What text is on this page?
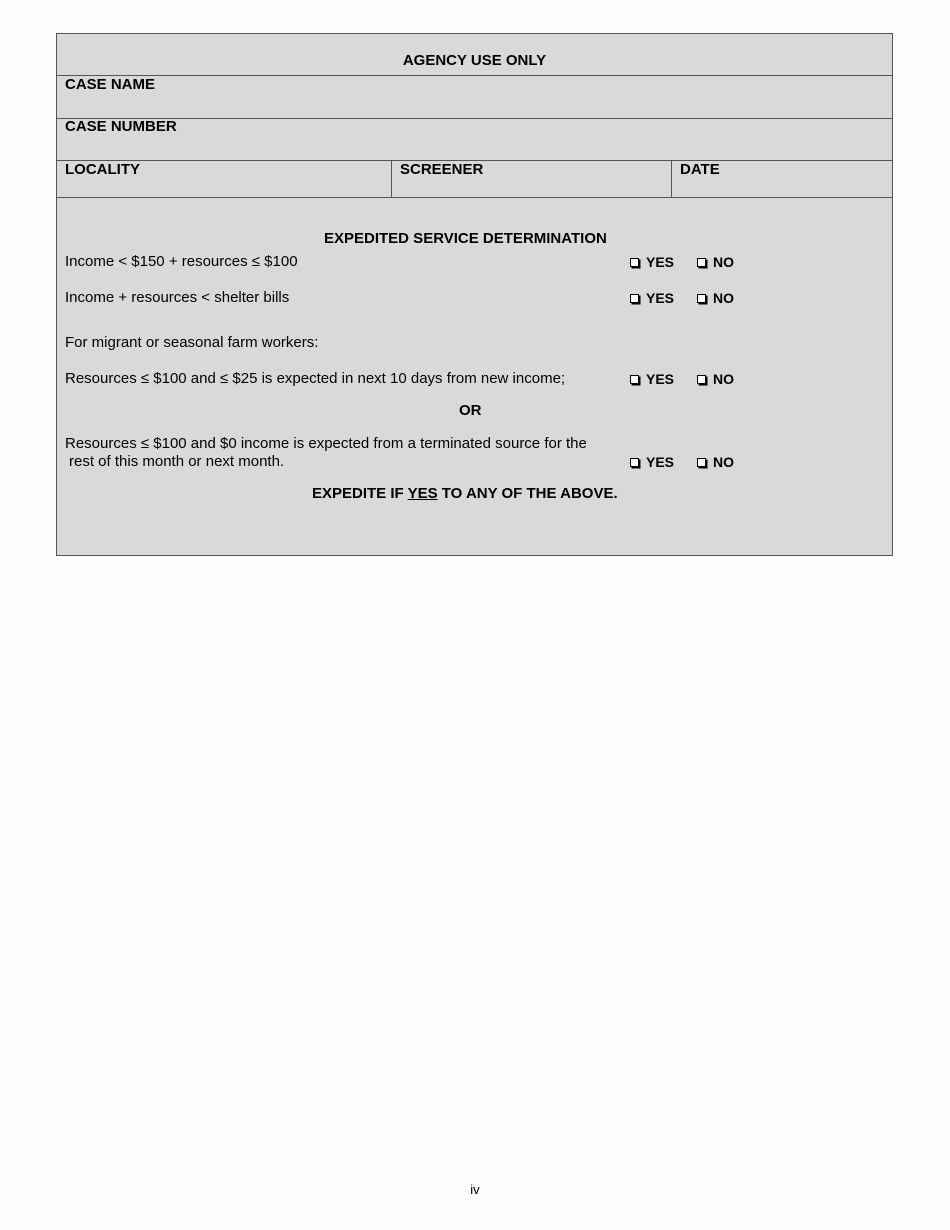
AGENCY USE ONLY
CASE NAME
CASE NUMBER
LOCALITY	SCREENER	DATE
EXPEDITED SERVICE DETERMINATION
Income < $150 + resources ≤ $100	YES	NO
Income + resources < shelter bills	YES	NO
For migrant or seasonal farm workers:
Resources ≤ $100 and ≤ $25 is expected in next 10 days from new income;	YES	NO
OR
Resources ≤ $100 and $0 income is expected from a terminated source for the
rest of this month or next month.	YES	NO
EXPEDITE IF YES TO ANY OF THE ABOVE.
iv
